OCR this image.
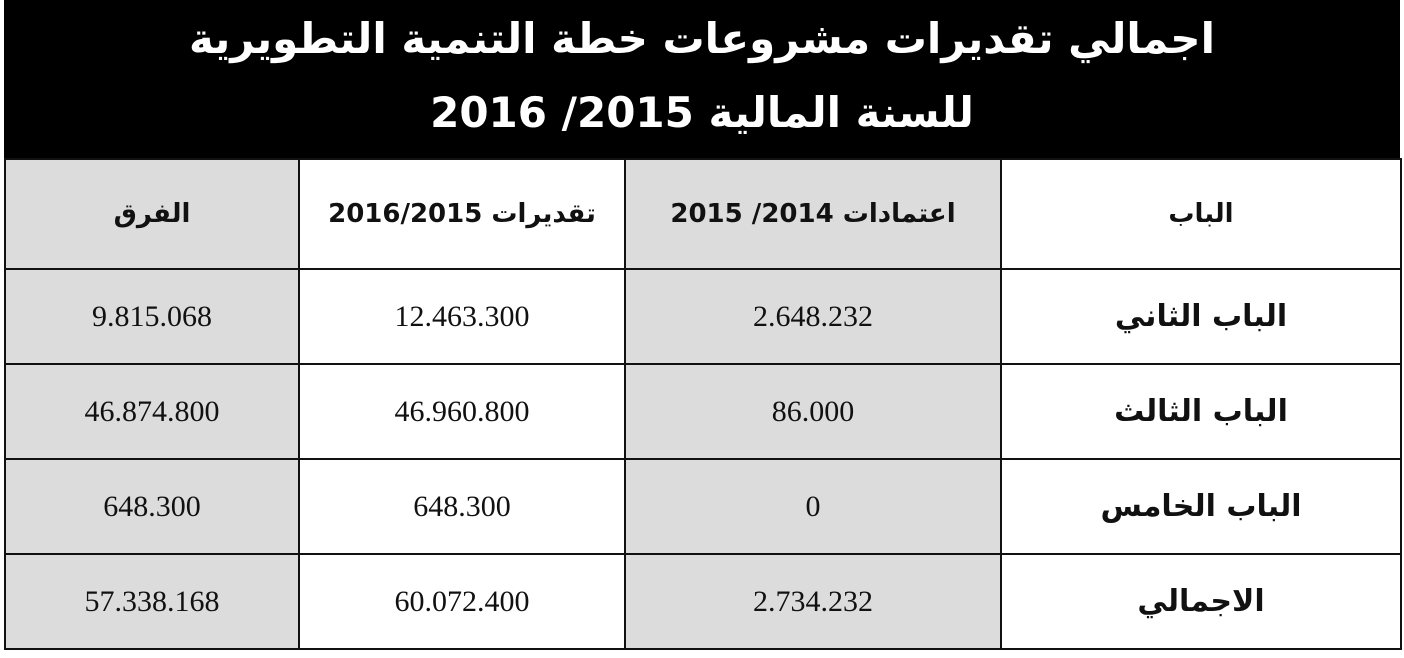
اجمالي تقديرات مشروعات خطة التنمية التطويرية
للسنة المالية 2015/ 2016
الباب	اعتمادات 2014/ 2015	تقديرات 2016/2015	الفرق
الباب الثاني	2.648.232	12.463.300	9.815.068
الباب الثالث	86.000	46.960.800	46.874.800
الباب الخامس	0	648.300	648.300
الاجمالي	2.734.232	60.072.400	57.338.168
